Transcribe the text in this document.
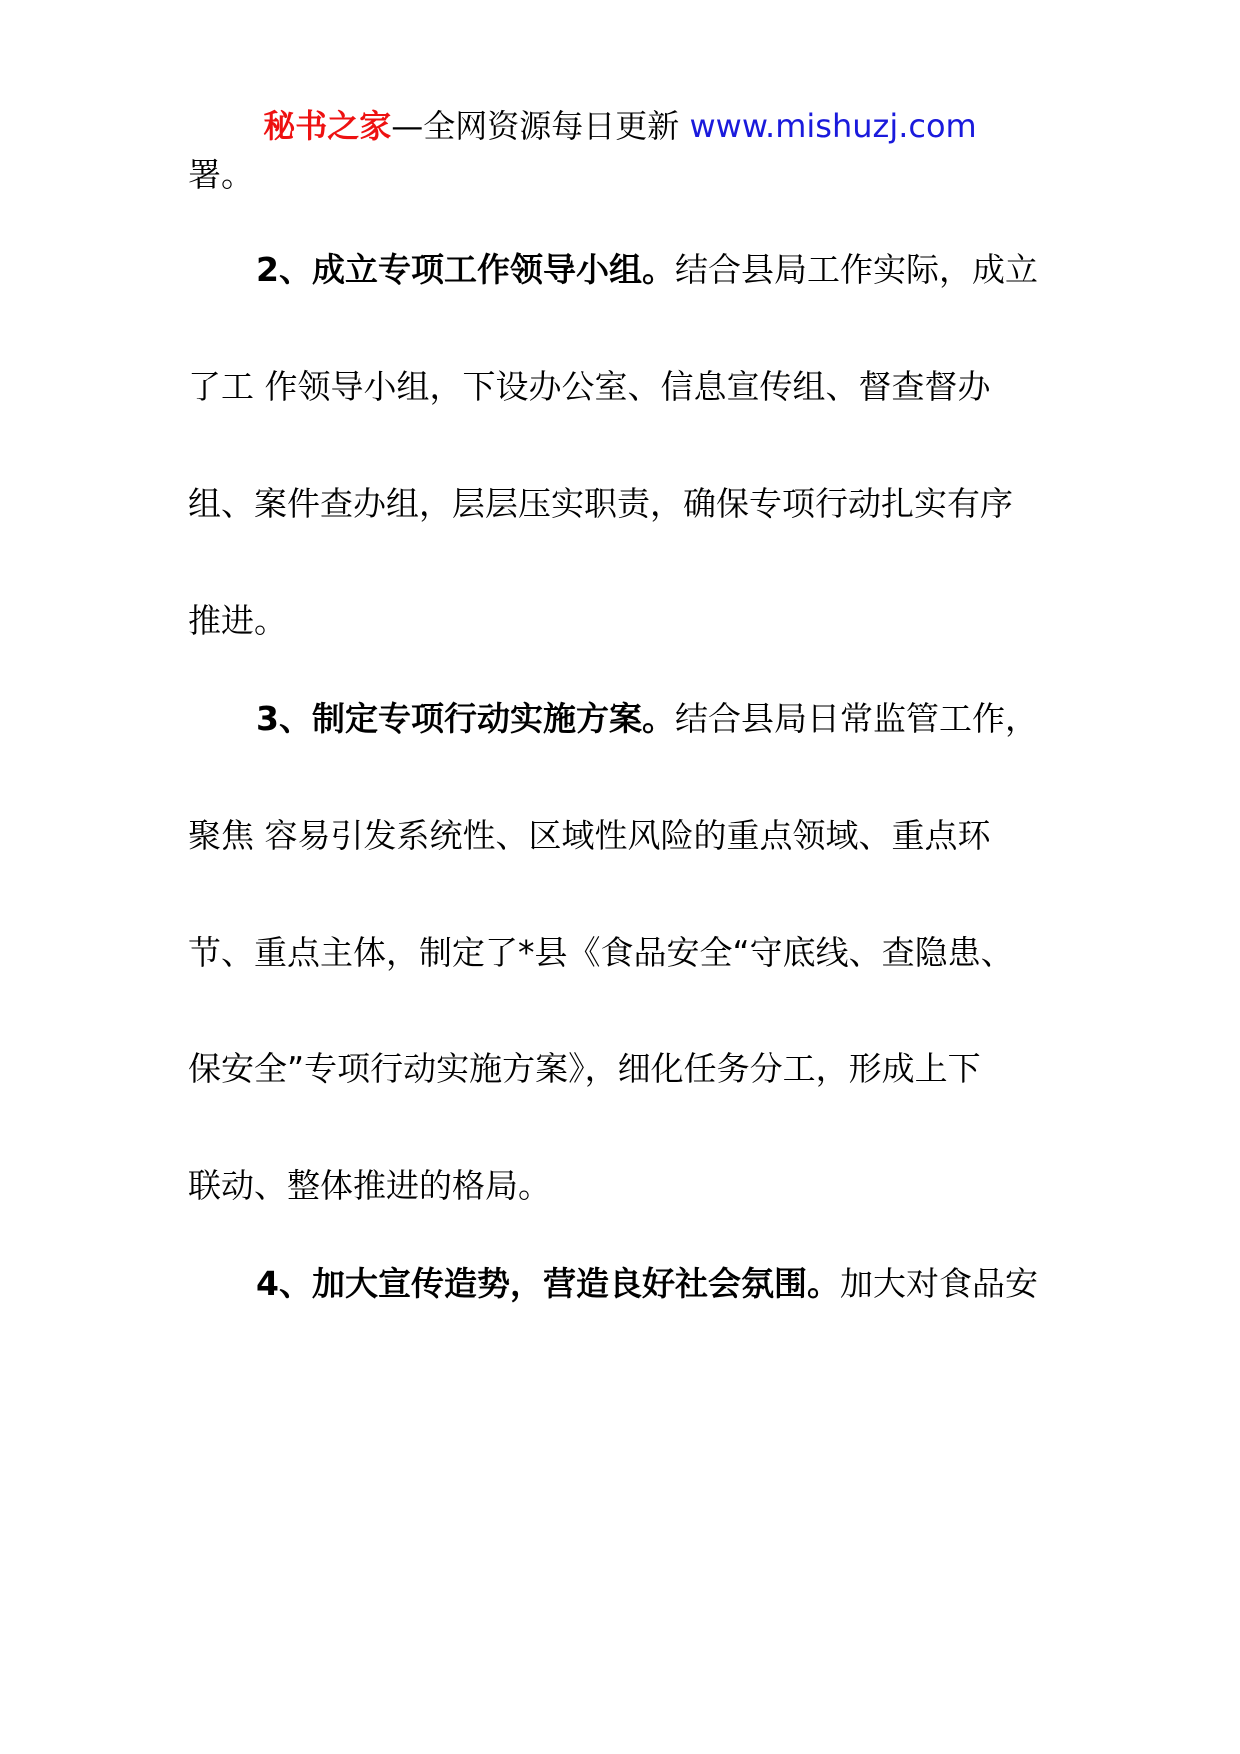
秘书之家—全网资源每日更新 www.mishuzj.com
署。
2、成立专项工作领导小组。结合县局工作实际，成立
了工 作领导小组，下设办公室、信息宣传组、督查督办
组、案件查办组，层层压实职责，确保专项行动扎实有序
推进。
3、制定专项行动实施方案。结合县局日常监管工作，
聚焦 容易引发系统性、区域性风险的重点领域、重点环
节、重点主体，制定了*县《食品安全“守底线、查隐患、
保安全”专项行动实施方案》，细化任务分工，形成上下
联动、整体推进的格局。
4、加大宣传造势，营造良好社会氛围。加大对食品安
